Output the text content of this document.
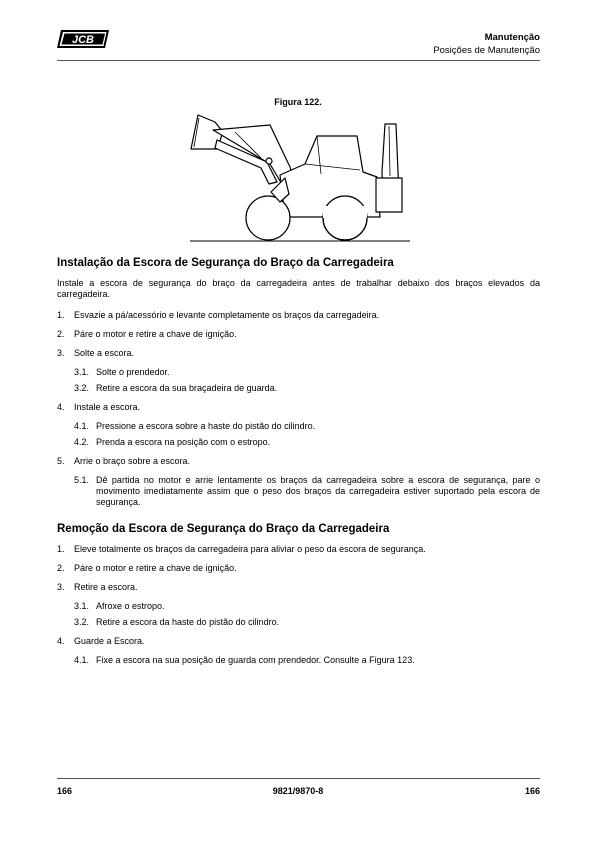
JCB	Manutenção
Posições de Manutenção
Figura 122.
Instalação da Escora de Segurança do Braço da Carregadeira

Instale a escora de segurança do braço da carregadeira antes de trabalhar debaixo dos braços elevados da carregadeira.

1.	Esvazie a pá/acessório e levante completamente os braços da carregadeira.
2.	Páre o motor e retire a chave de ignição.
3.	Solte a escora.
3.1. Solte o prendedor.
3.2. Retire a escora da sua braçadeira de guarda.
4.	Instale a escora.
4.1. Pressione a escora sobre a haste do pistão do cilindro.
4.2. Prenda a escora na posição com o estropo.
5.	Arrie o braço sobre a escora.
5.1. Dê partida no motor e arrie lentamente os braços da carregadeira sobre a escora de segurança, pare o movimento imediatamente assim que o peso dos braços da carregadeira estiver suportado pela escora de segurança.
Remoção da Escora de Segurança do Braço da Carregadeira
1.	Eleve totalmente os braços da carregadeira para aliviar o peso da escora de segurança.
2.	Páre o motor e retire a chave de ignição.
3.	Retire a escora.
3.1. Afroxe o estropo.
3.2. Retire a escora da haste do pistão do cilindro.
4.	Guarde a Escora.
4.1. Fixe a escora na sua posição de guarda com prendedor. Consulte a Figura 123.
166	9821/9870-8	166
